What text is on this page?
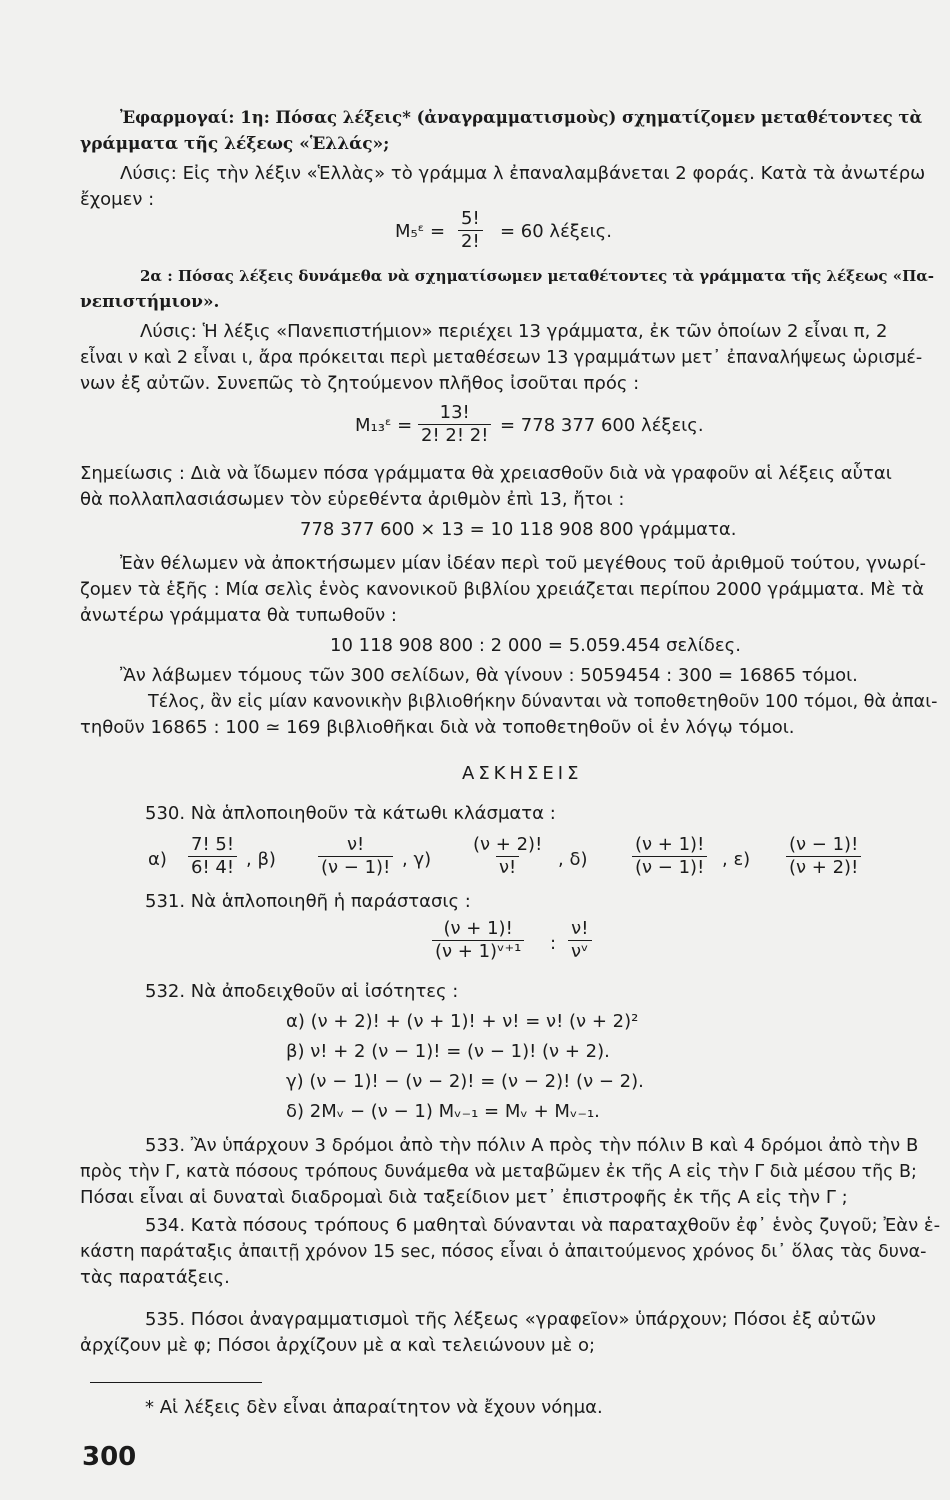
Ἐφαρμογαί: 1η: Πόσας λέξεις* (ἀναγραμματισμοὺς) σχηματίζομεν μεταθέτοντες τὰ
γράμματα τῆς λέξεως «Ἑλλάς»;
Λύσις: Εἰς τὴν λέξιν «Ἑλλὰς» τὸ γράμμα λ ἐπαναλαμβάνεται 2 φοράς. Κατὰ τὰ ἀνωτέρω
ἔχομεν :
M₅ᵋ = $\frac{5!}{2!} = 60$ λέξεις.
2α : Πόσας λέξεις δυνάμεθα νὰ σχηματίσωμεν μεταθέτοντες τὰ γράμματα τῆς λέξεως «Πα-
νεπιστήμιον».
Λύσις: Ἡ λέξις «Πανεπιστήμιον» περιέχει 13 γράμματα, ἐκ τῶν ὁποίων 2 εἶναι π, 2
εἶναι ν καὶ 2 εἶναι ι, ἄρα πρόκειται περὶ μεταθέσεων 13 γραμμάτων μετ᾽ ἐπαναλήψεως ὡρισμέ-
νων ἐξ αὐτῶν. Συνεπῶς τὸ ζητούμενον πλῆθος ἰσοῦται πρός :
M₁₃ᵋ = $\frac{13!}{2! 2! 2!} = 778$ 377 600 λέξεις.
Σημείωσις : Διὰ νὰ ἴδωμεν πόσα γράμματα θὰ χρειασθοῦν διὰ νὰ γραφοῦν αἱ λέξεις αὗται
θὰ πολλαπλασιάσωμεν τὸν εὑρεθέντα ἀριθμὸν ἐπὶ 13, ἤτοι :
778 377 600 × 13 = 10 118 908 800 γράμματα.
Ἐὰν θέλωμεν νὰ ἀποκτήσωμεν μίαν ἰδέαν περὶ τοῦ μεγέθους τοῦ ἀριθμοῦ τούτου, γνωρί-
ζομεν τὰ ἑξῆς : Μία σελὶς ἑνὸς κανονικοῦ βιβλίου χρειάζεται περίπου 2000 γράμματα. Μὲ τὰ
ἀνωτέρω γράμματα θὰ τυπωθοῦν :
10 118 908 800 : 2 000 = 5.059.454 σελίδες.
Ἂν λάβωμεν τόμους τῶν 300 σελίδων, θὰ γίνουν : 5059454 : 300 = 16865 τόμοι.
Τέλος, ἂν εἰς μίαν κανονικὴν βιβλιοθήκην δύνανται νὰ τοποθετηθοῦν 100 τόμοι, θὰ ἀπαι-
τηθοῦν 16865 : 100 ≃ 169 βιβλιοθῆκαι διὰ νὰ τοποθετηθοῦν οἱ ἐν λόγῳ τόμοι.
ΑΣΚΗΣΕΙΣ
530. Νὰ ἁπλοποιηθοῦν τὰ κάτωθι κλάσματα :
$\alpha) \frac{7! 5!}{6! 4!}$ , $\beta) \frac{\nu!}{(\nu - 1)!}$ , $\gamma) \frac{(\nu + 2)!}{\nu!}$ , $\delta) \frac{(\nu + 1)!}{(\nu - 1)!}$ , $\varepsilon) \frac{(\nu - 1)!}{(\nu + 2)!}$
531. Νὰ ἁπλοποιηθῆ ἡ παράστασις :
$\frac{(\nu + 1)!}{\text{(ν + 1)ᵛ⁺¹}}$ : $\frac{\nu!}{\text{νᵛ}}$
532. Νὰ ἀποδειχθοῦν αἱ ἰσότητες :
α) (ν + 2)! + (ν + 1)! + ν! = ν! (ν + 2)²
β) ν! + 2 (ν − 1)! = (ν − 1)! (ν + 2).
γ) (ν − 1)! − (ν − 2)! = (ν − 2)! (ν − 2).
δ) 2Mᵥ − (ν − 1) Mᵥ₋₁ = Mᵥ + Mᵥ₋₁.
533. Ἂν ὑπάρχουν 3 δρόμοι ἀπὸ τὴν πόλιν Α πρὸς τὴν πόλιν Β καὶ 4 δρόμοι ἀπὸ τὴν Β
πρὸς τὴν Γ, κατὰ πόσους τρόπους δυνάμεθα νὰ μεταβῶμεν ἐκ τῆς Α εἰς τὴν Γ διὰ μέσου τῆς Β;
Πόσαι εἶναι αἱ δυναταὶ διαδρομαὶ διὰ ταξείδιον μετ᾽ ἐπιστροφῆς ἐκ τῆς Α εἰς τὴν Γ ;
534. Κατὰ πόσους τρόπους 6 μαθηταὶ δύνανται νὰ παραταχθοῦν ἐφ᾽ ἑνὸς ζυγοῦ; Ἐὰν ἑ-
κάστη παράταξις ἀπαιτῇ χρόνον 15 sec, πόσος εἶναι ὁ ἀπαιτούμενος χρόνος δι᾽ ὅλας τὰς δυνα-
τὰς παρατάξεις.
535. Πόσοι ἀναγραμματισμοὶ τῆς λέξεως «γραφεῖον» ὑπάρχουν; Πόσοι ἐξ αὐτῶν
ἀρχίζουν μὲ φ; Πόσοι ἀρχίζουν μὲ α καὶ τελειώνουν μὲ ο;
* Αἱ λέξεις δὲν εἶναι ἀπαραίτητον νὰ ἔχουν νόημα.
300
